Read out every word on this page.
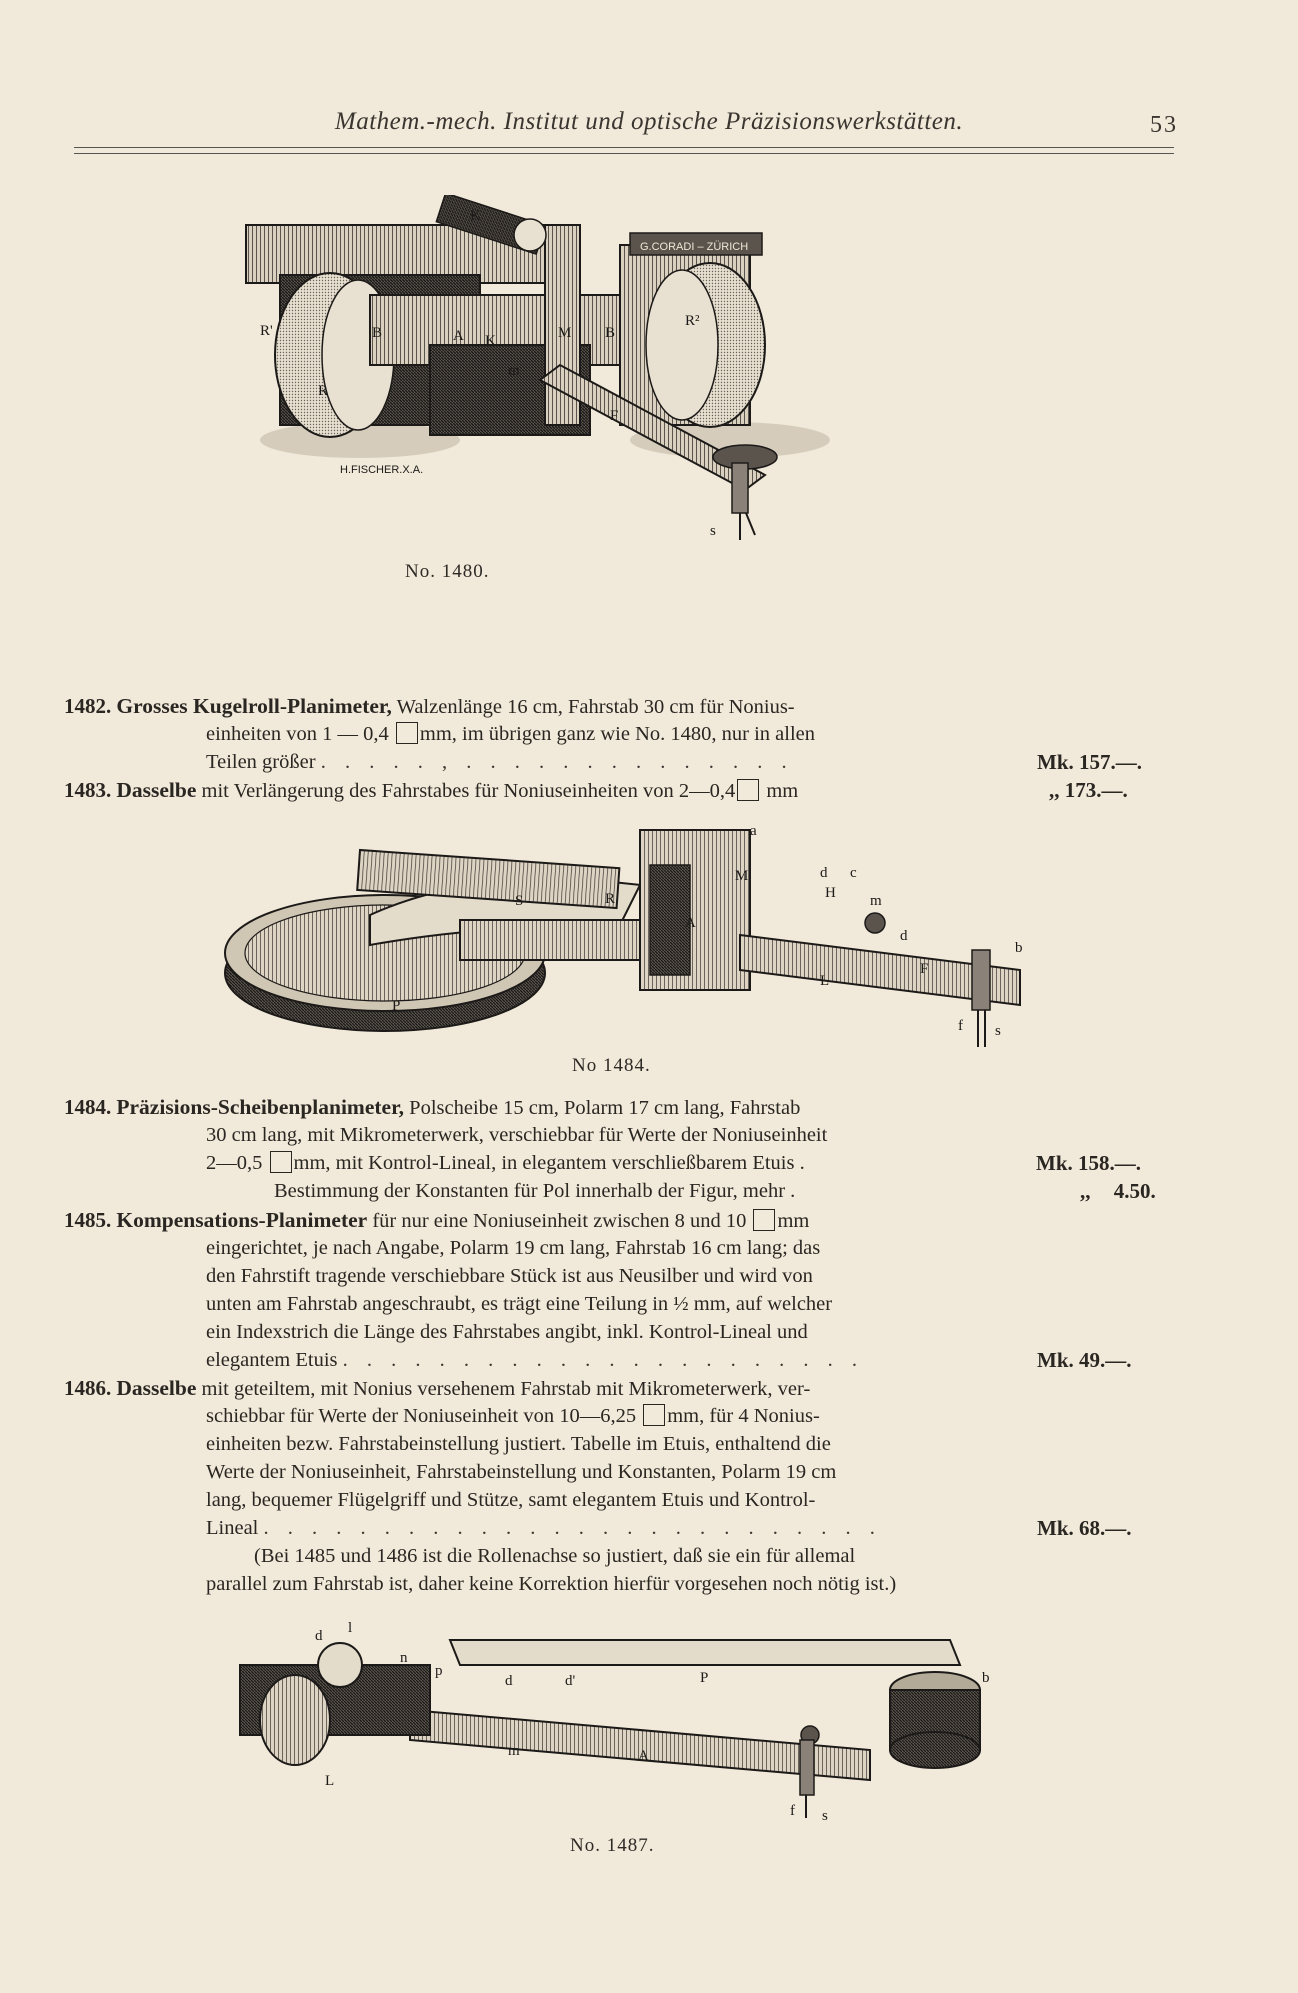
Mathem.-mech. Institut und optische Präzisionswerkstätten.	53
G.CORADI – ZÜRICH
R'	B	A	M B
R²
K
K
m
F
R
s
H.FISCHER.X.A.
No. 1480.
1482. Grosses Kugelroll-Planimeter, Walzenlänge 16 cm, Fahrstab 30 cm für Nonius-
einheiten von 1 — 0,4 mm, im übrigen ganz wie No. 1480, nur in allen
Teilen größer . . . . . , . . . . . . . . . . . . . .	Mk. 157.—.
1483. Dasselbe mit Verlängerung des Fahrstabes für Noniuseinheiten von 2—0,4 mm	,, 173.—.
a
d c
M
H m
d
b
S	R
A
P
L
F
f s
No 1484.
1484. Präzisions-Scheibenplanimeter, Polscheibe 15 cm, Polarm 17 cm lang, Fahrstab
30 cm lang, mit Mikrometerwerk, verschiebbar für Werte der Noniuseinheit
2—0,5 mm, mit Kontrol-Lineal, in elegantem verschließbarem Etuis .	Mk. 158.—.
Bestimmung der Konstanten für Pol innerhalb der Figur, mehr .	,, 4.50.
1485. Kompensations-Planimeter für nur eine Noniuseinheit zwischen 8 und 10 mm
eingerichtet, je nach Angabe, Polarm 19 cm lang, Fahrstab 16 cm lang; das
den Fahrstift tragende verschiebbare Stück ist aus Neusilber und wird von
unten am Fahrstab angeschraubt, es trägt eine Teilung in ½ mm, auf welcher
ein Indexstrich die Länge des Fahrstabes angibt, inkl. Kontrol-Lineal und
elegantem Etuis . . . . . . . . . . . . . . . . . . . . . .	Mk. 49.—.
1486. Dasselbe mit geteiltem, mit Nonius versehenem Fahrstab mit Mikrometerwerk, ver-
schiebbar für Werte der Noniuseinheit von 10—6,25 mm, für 4 Nonius-
einheiten bezw. Fahrstabeinstellung justiert. Tabelle im Etuis, enthaltend die
Werte der Noniuseinheit, Fahrstabeinstellung und Konstanten, Polarm 19 cm
lang, bequemer Flügelgriff und Stütze, samt elegantem Etuis und Kontrol-
Lineal . . . . . . . . . . . . . . . . . . . . . . . . . .	Mk. 68.—.
(Bei 1485 und 1486 ist die Rollenachse so justiert, daß sie ein für allemal
parallel zum Fahrstab ist, daher keine Korrektion hierfür vorgesehen noch nötig ist.)
d l
n
p
d	d'	P	b
m	A
L
f s
No. 1487.
